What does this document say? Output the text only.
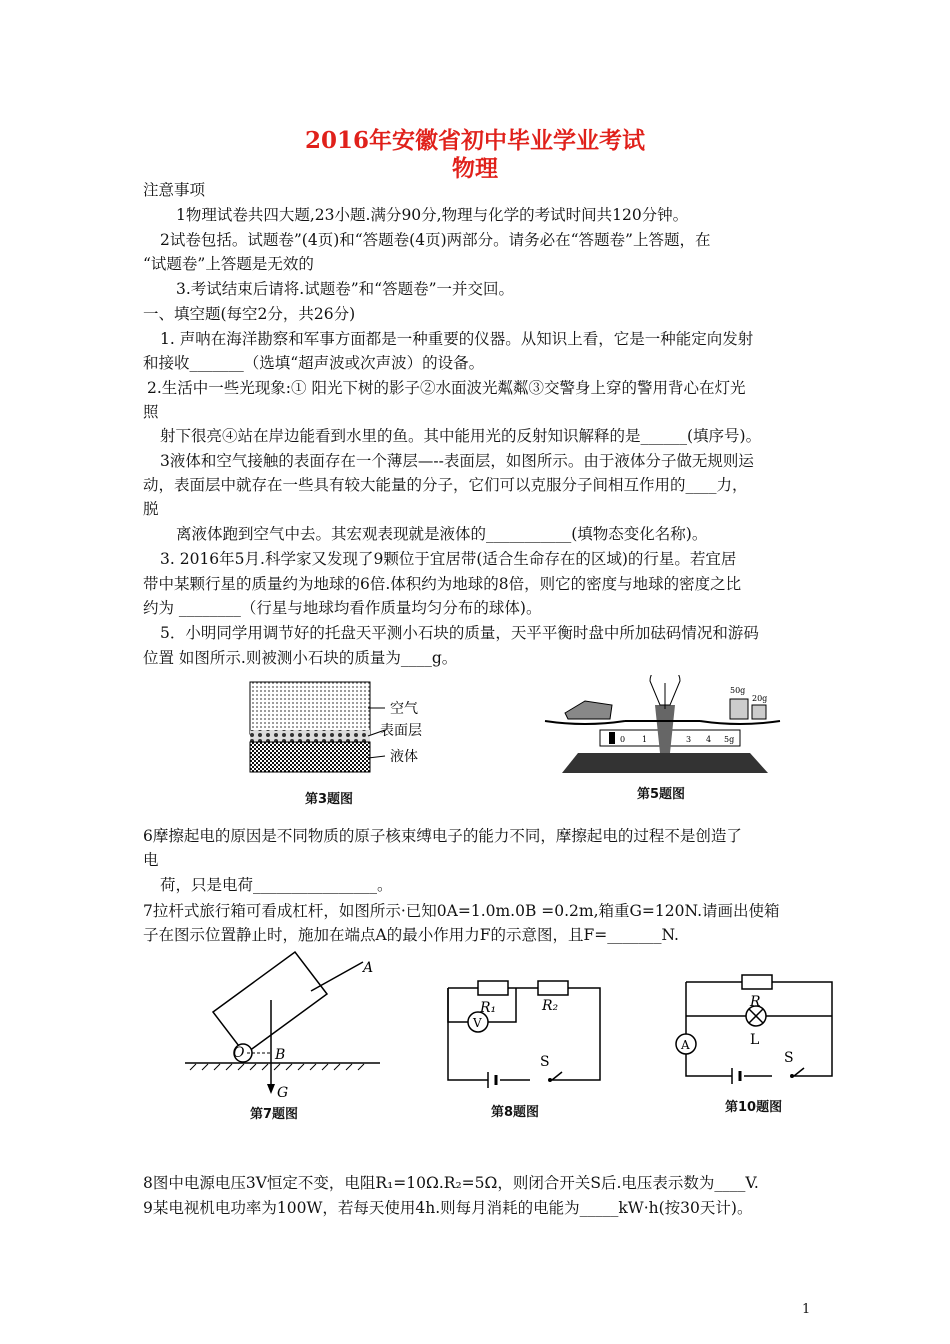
2016年安徽省初中毕业学业考试
物理
注意事项
1物理试卷共四大题,23小题.满分90分,物理与化学的考试时间共120分钟。
2试卷包括。试题卷”(4页)和“答题卷(4页)两部分。请务必在“答题卷”上答题，在
“试题卷”上答题是无效的
3.考试结束后请将.试题卷”和“答题卷”一并交回。
一、填空题(每空2分，共26分)
1. 声呐在海洋勘察和军事方面都是一种重要的仪器。从知识上看，它是一种能定向发射
和接收_______（选填“超声波或次声波）的设备。
2.生活中一些光现象:① 阳光下树的影子②水面波光粼粼③交警身上穿的警用背心在灯光
照
射下很亮④站在岸边能看到水里的鱼。其中能用光的反射知识解释的是______(填序号)。
3液体和空气接触的表面存在一个薄层—--表面层，如图所示。由于液体分子做无规则运
动，表面层中就存在一些具有较大能量的分子，它们可以克服分子间相互作用的____力，
脱
离液体跑到空气中去。其宏观表现就是液体的___________(填物态变化名称)。
3. 2016年5月.科学家又发现了9颗位于宜居带(适合生命存在的区域)的行星。若宜居
带中某颗行星的质量约为地球的6倍.体积约为地球的8倍，则它的密度与地球的密度之比
约为 ________（行星与地球均看作质量均匀分布的球体)。
5．小明同学用调节好的托盘天平测小石块的质量，天平平衡时盘中所加砝码情况和游码
位置 如图所示.则被测小石块的质量为____g。
空气
表面层
液体
第3题图
0 1	3 4 5g
50g
20g
第5题图
6摩擦起电的原因是不同物质的原子核束缚电子的能力不同，摩擦起电的过程不是创造了
电
荷，只是电荷________________。
7拉杆式旅行箱可看成杠杆，如图所示·已知0A=1.0m.0B =0.2m,箱重G=120N.请画出使箱
子在图示位置静止时，施加在端点A的最小作用力F的示意图，且F=_______N.
A
O B
G
第7题图
V
R₁	R₂
S
第8题图
A
R
L
S
第10题图
8图中电源电压3V恒定不变，电阻R₁=10Ω.R₂=5Ω，则闭合开关S后.电压表示数为____V.
9某电视机电功率为100W，若每天使用4h.则每月消耗的电能为_____kW·h(按30天计)。
1
